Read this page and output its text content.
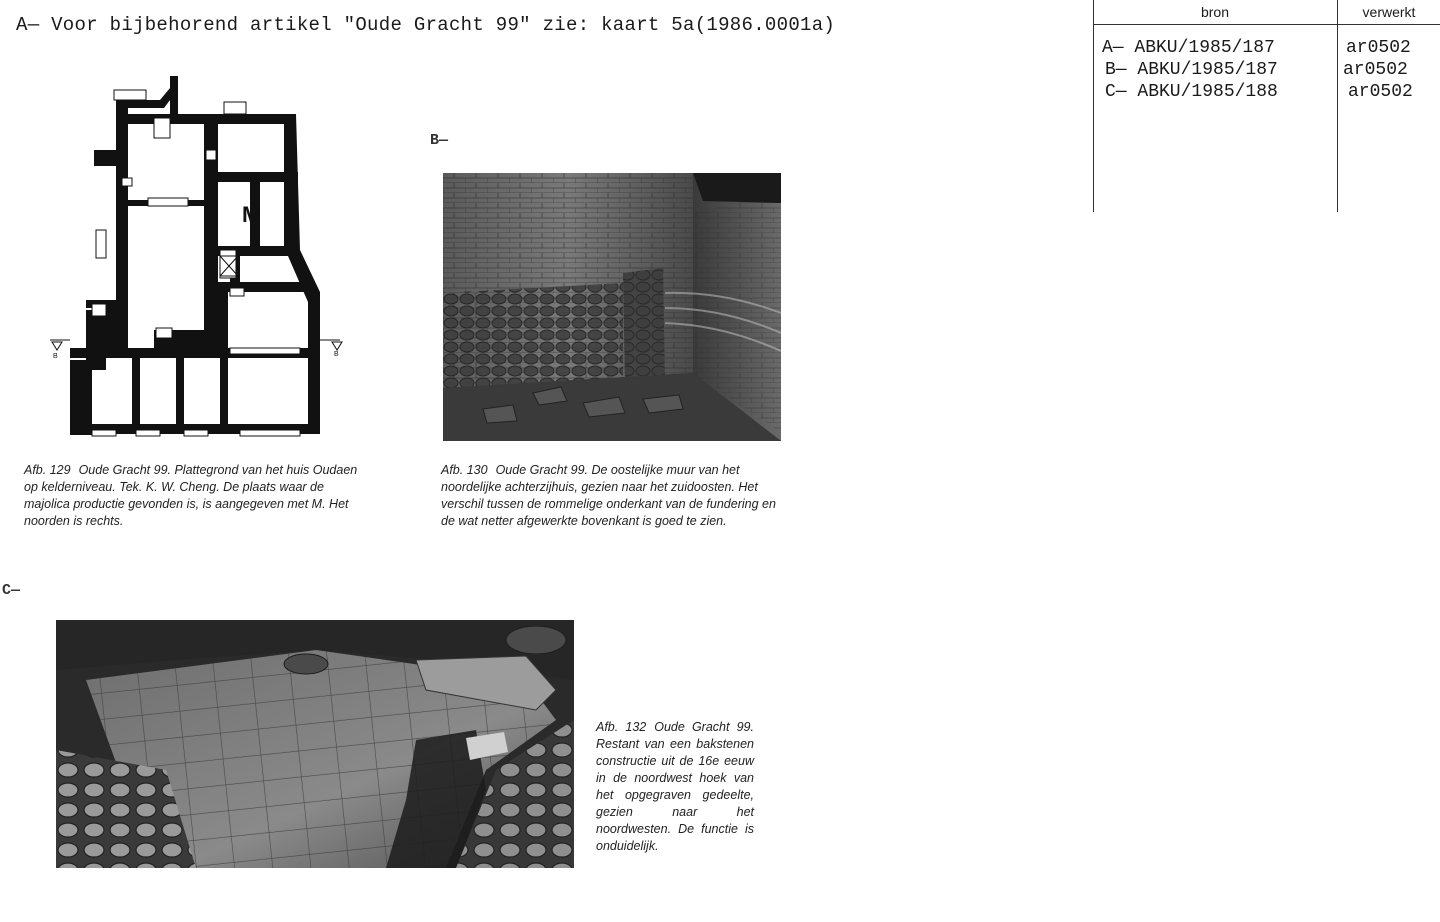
A— Voor bijbehorend artikel "Oude Gracht 99" zie: kaart 5a(1986.0001a)
bron	verwerkt
A— ABKU/1985/187	ar0502
B— ABKU/1985/187	ar0502
C— ABKU/1985/188	ar0502
M
B	B
Afb. 129 Oude Gracht 99. Plattegrond van het huis Oudaen op kelderniveau. Tek. K. W. Cheng. De plaats waar de majolica productie gevonden is, is aangegeven met M. Het noorden is rechts.
B—
Afb. 130 Oude Gracht 99. De oostelijke muur van het noordelijke achterzijhuis, gezien naar het zuidoosten. Het verschil tussen de rommelige onderkant van de fundering en de wat netter afgewerkte bovenkant is goed te zien.
C—
Afb. 132 Oude Gracht 99. Restant van een bakstenen constructie uit de 16e eeuw in de noordwest hoek van het opgegraven gedeelte, gezien naar het noordwesten. De functie is onduidelijk.
